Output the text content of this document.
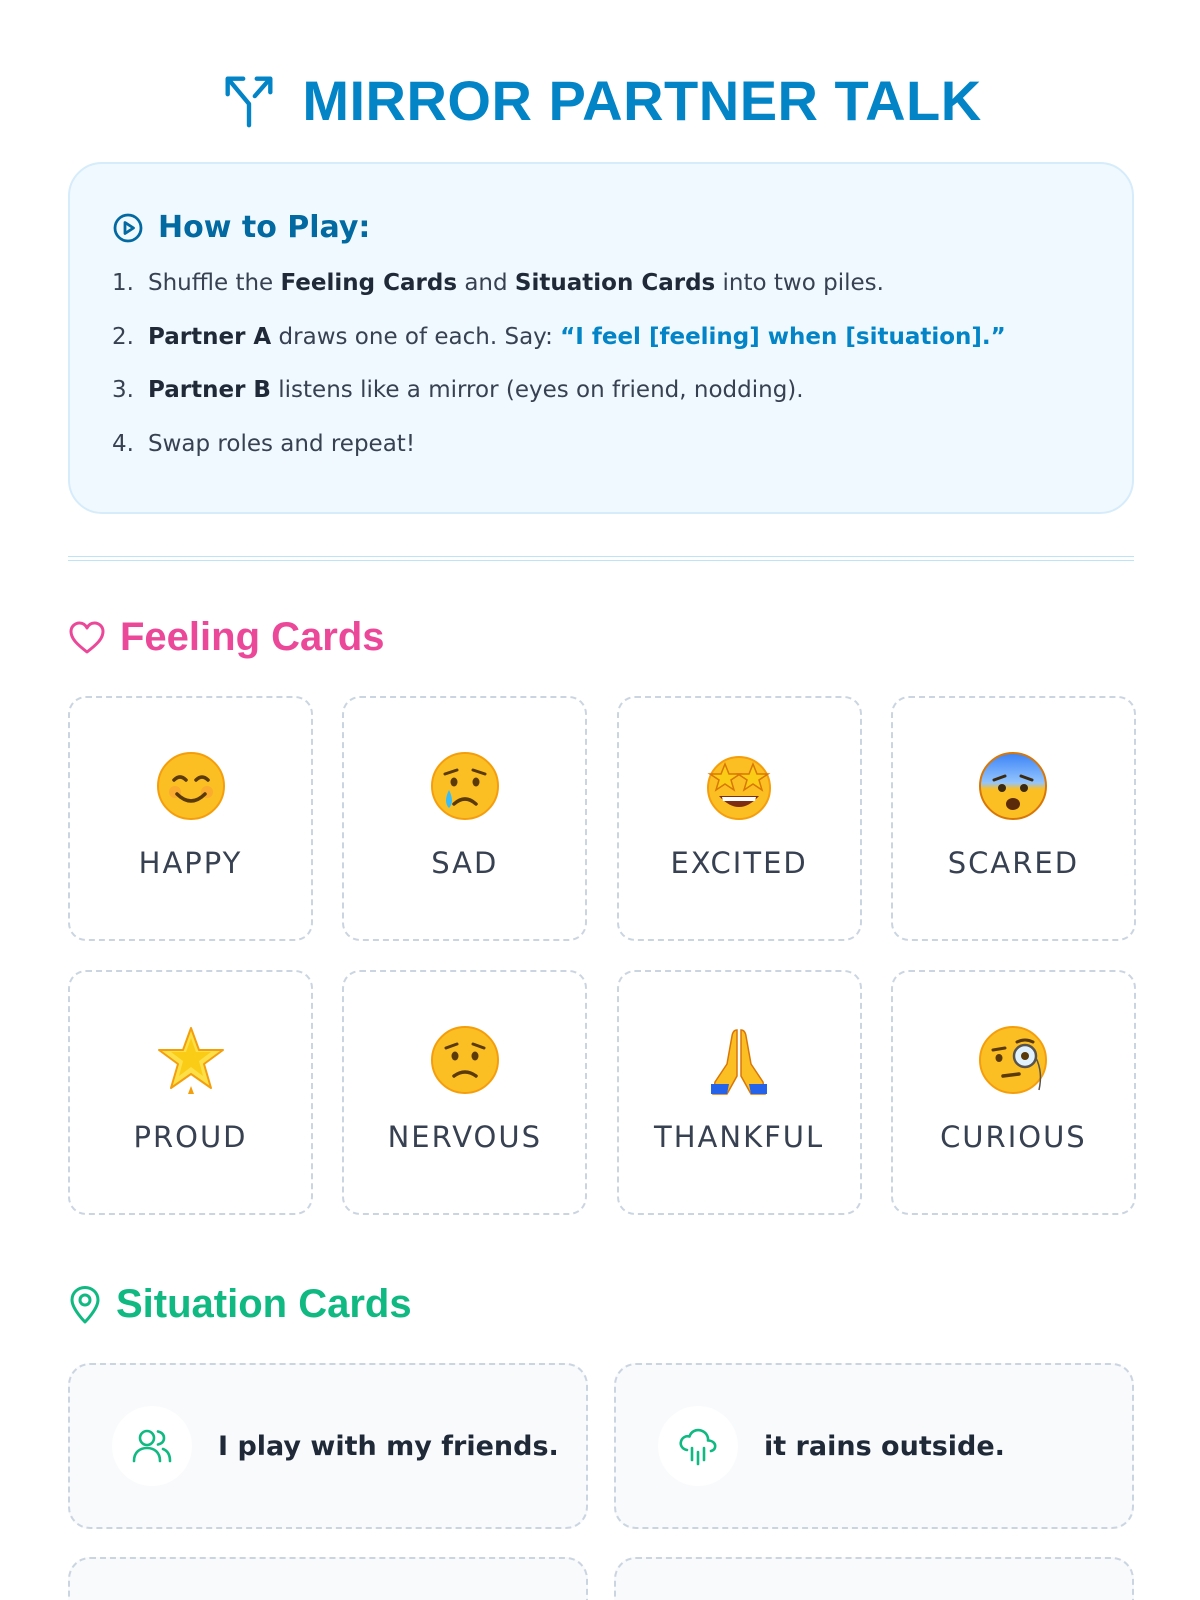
MIRROR PARTNER TALK
How to Play:
1. Shuffle the Feeling Cards and Situation Cards into two piles.
2. Partner A draws one of each. Say: “I feel [feeling] when [situation].”
3. Partner B listens like a mirror (eyes on friend, nodding).
4. Swap roles and repeat!
Feeling Cards
HAPPY	SAD	EXCITED	SCARED
PROUD	NERVOUS	THANKFUL	CURIOUS
Situation Cards
I play with my friends.	it rains outside.
